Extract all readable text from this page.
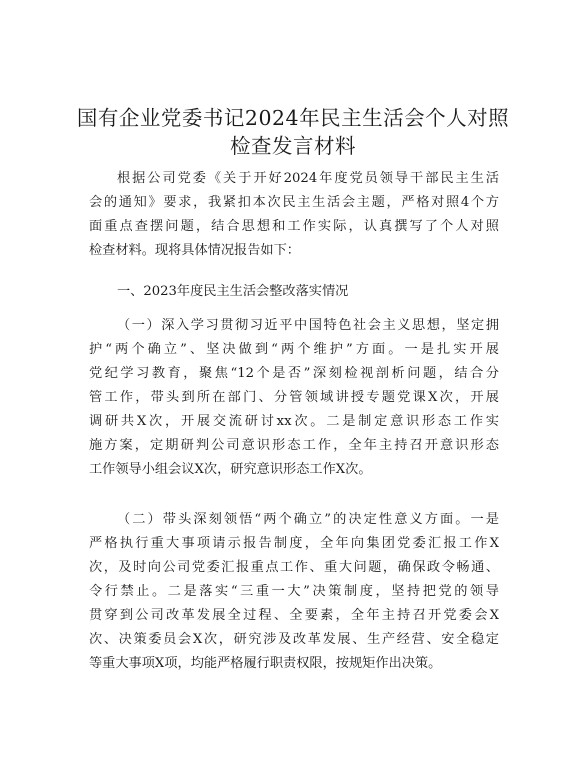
国有企业党委书记2024年民主生活会个人对照
检查发言材料
根据公司党委《关于开好2024年度党员领导干部民主生活
会的通知》要求，我紧扣本次民主生活会主题，严格对照4个方
面重点查摆问题，结合思想和工作实际，认真撰写了个人对照
检查材料。现将具体情况报告如下：
一、2023年度民主生活会整改落实情况
（一）深入学习贯彻习近平中国特色社会主义思想，坚定拥
护“两个确立”、坚决做到“两个维护”方面。一是扎实开展
党纪学习教育，聚焦“12个是否”深刻检视剖析问题，结合分
管工作，带头到所在部门、分管领域讲授专题党课X次，开展
调研共X次，开展交流研讨xx次。二是制定意识形态工作实
施方案，定期研判公司意识形态工作，全年主持召开意识形态
工作领导小组会议X次，研究意识形态工作X次。
（二）带头深刻领悟“两个确立”的决定性意义方面。一是
严格执行重大事项请示报告制度，全年向集团党委汇报工作X
次，及时向公司党委汇报重点工作、重大问题，确保政令畅通、
令行禁止。二是落实“三重一大”决策制度，坚持把党的领导
贯穿到公司改革发展全过程、全要素，全年主持召开党委会X
次、决策委员会X次，研究涉及改革发展、生产经营、安全稳定
等重大事项X项，均能严格履行职责权限，按规矩作出决策。
